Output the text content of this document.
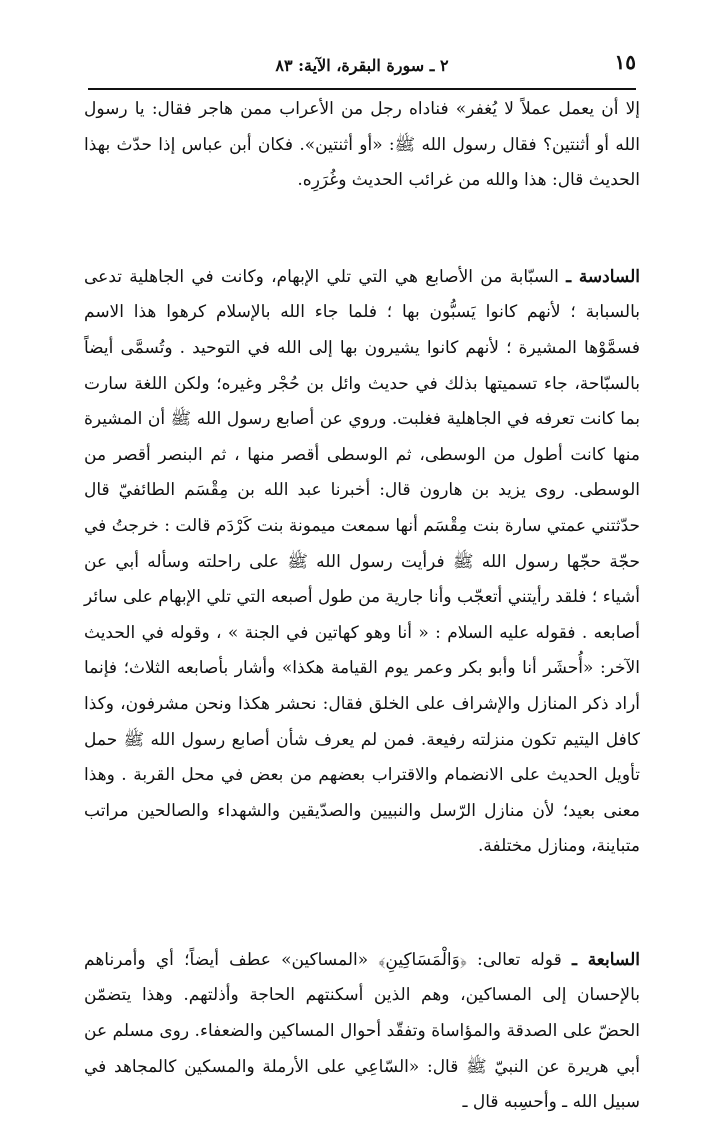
١٥
٢ ـ سورة البقرة، الآية: ٨٣

إلا أن يعمل عملاً لا يُغفر» فناداه رجل من الأعراب ممن هاجر فقال: يا رسول الله أو أثنتين؟ فقال رسول الله ﷺ: «أو أثنتين». فكان أبن عباس إذا حدّث بهذا الحديث قال: هذا والله من غرائب الحديث وغُرَرِه.

السادسة ـ السبّابة من الأصابع هي التي تلي الإبهام، وكانت في الجاهلية تدعى بالسبابة ؛ لأنهم كانوا يَسبُّون بها ؛ فلما جاء الله بالإسلام كرهوا هذا الاسم فسمَّوْها المشيرة ؛ لأنهم كانوا يشيرون بها إلى الله في التوحيد . وتُسمَّى أيضاً بالسبّاحة، جاء تسميتها بذلك في حديث وائل بن حُجْر وغيره؛ ولكن اللغة سارت بما كانت تعرفه في الجاهلية فغلبت. وروي عن أصابع رسول الله ﷺ أن المشيرة منها كانت أطول من الوسطى، ثم الوسطى أقصر منها ، ثم البنصر أقصر من الوسطى. روى يزيد بن هارون قال: أخبرنا عبد الله بن مِقْسَم الطائفيّ قال حدّثتني عمتي سارة بنت مِقْسَم أنها سمعت ميمونة بنت كَرْدَم قالت : خرجتُ في حجّة حجّها رسول الله ﷺ فرأيت رسول الله ﷺ على راحلته وسأله أبي عن أشياء ؛ فلقد رأيتني أتعجّب وأنا جارية من طول أصبعه التي تلي الإبهام على سائر أصابعه . فقوله عليه السلام : « أنا وهو كهاتين في الجنة » ، وقوله في الحديث الآخر: «أُحشَر أنا وأبو بكر وعمر يوم القيامة هكذا» وأشار بأصابعه الثلاث؛ فإنما أراد ذكر المنازل والإشراف على الخلق فقال: نحشر هكذا ونحن مشرفون، وكذا كافل اليتيم تكون منزلته رفيعة. فمن لم يعرف شأن أصابع رسول الله ﷺ حمل تأويل الحديث على الانضمام والاقتراب بعضهم من بعض في محل القربة . وهذا معنى بعيد؛ لأن منازل الرّسل والنبيين والصدّيقين والشهداء والصالحين مراتب متباينة، ومنازل مختلفة.

السابعة ـ قوله تعالى: ﴿وَالْمَسَاكِينِ﴾ «المساكين» عطف أيضاً؛ أي وأمرناهم بالإحسان إلى المساكين، وهم الذين أسكنتهم الحاجة وأذلتهم. وهذا يتضمّن الحضّ على الصدقة والمؤاساة وتفقّد أحوال المساكين والضعفاء. روى مسلم عن أبي هريرة عن النبيّ ﷺ قال: «السّاعِي على الأرملة والمسكين كالمجاهد في سبيل الله ـ وأحسِبه قال ـ
